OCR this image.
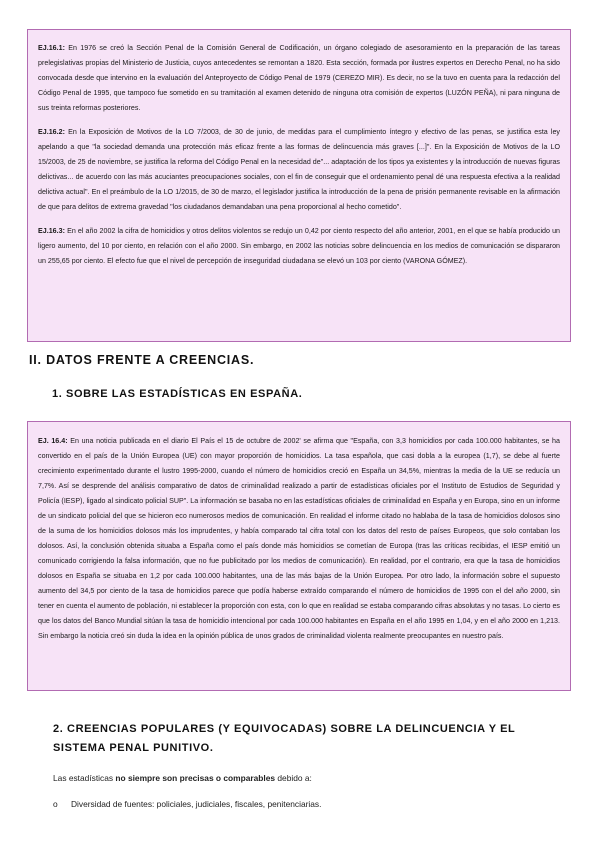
EJ.16.1: En 1976 se creó la Sección Penal de la Comisión General de Codificación, un órgano colegiado de asesoramiento en la preparación de las tareas prelegislativas propias del Ministerio de Justicia, cuyos antecedentes se remontan a 1820. Esta sección, formada por ilustres expertos en Derecho Penal, no ha sido convocada desde que intervino en la evaluación del Anteproyecto de Código Penal de 1979 (CEREZO MIR). Es decir, no se la tuvo en cuenta para la redacción del Código Penal de 1995, que tampoco fue sometido en su tramitación al examen detenido de ninguna otra comisión de expertos (LUZÓN PEÑA), ni para ninguna de sus treinta reformas posteriores.

EJ.16.2: En la Exposición de Motivos de la LO 7/2003, de 30 de junio, de medidas para el cumplimiento íntegro y efectivo de las penas, se justifica esta ley apelando a que "la sociedad demanda una protección más eficaz frente a las formas de delincuencia más graves [...]". En la Exposición de Motivos de la LO 15/2003, de 25 de noviembre, se justifica la reforma del Código Penal en la necesidad de"... adaptación de los tipos ya existentes y la introducción de nuevas figuras delictivas... de acuerdo con las más acuciantes preocupaciones sociales, con el fin de conseguir que el ordenamiento penal dé una respuesta efectiva a la realidad delictiva actual". En el preámbulo de la LO 1/2015, de 30 de marzo, el legislador justifica la introducción de la pena de prisión permanente revisable en la afirmación de que para delitos de extrema gravedad "los ciudadanos demandaban una pena proporcional al hecho cometido".

EJ.16.3: En el año 2002 la cifra de homicidios y otros delitos violentos se redujo un 0,42 por ciento respecto del año anterior, 2001, en el que se había producido un ligero aumento, del 10 por ciento, en relación con el año 2000. Sin embargo, en 2002 las noticias sobre delincuencia en los medios de comunicación se dispararon un 255,65 por ciento. El efecto fue que el nivel de percepción de inseguridad ciudadana se elevó un 103 por ciento (VARONA GÓMEZ).

II. DATOS FRENTE A CREENCIAS.
1. SOBRE LAS ESTADÍSTICAS EN ESPAÑA.

EJ. 16.4: En una noticia publicada en el diario El País el 15 de octubre de 2002' se afirma que "España, con 3,3 homicidios por cada 100.000 habitantes, se ha convertido en el país de la Unión Europea (UE) con mayor proporción de homicidios. La tasa española, que casi dobla a la europea (1,7), se debe al fuerte crecimiento experimentado durante el lustro 1995-2000, cuando el número de homicidios creció en España un 34,5%, mientras la media de la UE se reducía un 7,7%. Así se desprende del análisis comparativo de datos de criminalidad realizado a partir de estadísticas oficiales por el Instituto de Estudios de Seguridad y Policía (IESP), ligado al sindicato policial SUP". La información se basaba no en las estadísticas oficiales de criminalidad en España y en Europa, sino en un informe de un sindicato policial del que se hicieron eco numerosos medios de comunicación. En realidad el informe citado no hablaba de la tasa de homicidios dolosos sino de la suma de los homicidios dolosos más los imprudentes, y había comparado tal cifra total con los datos del resto de países Europeos, que solo contaban los dolosos. Así, la conclusión obtenida situaba a España como el país donde más homicidios se cometían de Europa (tras las críticas recibidas, el IESP emitió un comunicado corrigiendo la falsa información, que no fue publicitado por los medios de comunicación). En realidad, por el contrario, era que la tasa de homicidios dolosos en España se situaba en 1,2 por cada 100.000 habitantes, una de las más bajas de la Unión Europea. Por otro lado, la información sobre el supuesto aumento del 34,5 por ciento de la tasa de homicidios parece que podía haberse extraído comparando el número de homicidios de 1995 con el del año 2000, sin tener en cuenta el aumento de población, ni establecer la proporción con esta, con lo que en realidad se estaba comparando cifras absolutas y no tasas. Lo cierto es que los datos del Banco Mundial sitúan la tasa de homicidio intencional por cada 100.000 habitantes en España en el año 1995 en 1,04, y en el año 2000 en 1,213. Sin embargo la noticia creó sin duda la idea en la opinión pública de unos grados de criminalidad violenta realmente preocupantes en nuestro país.

2. CREENCIAS POPULARES (Y EQUIVOCADAS) SOBRE LA DELINCUENCIA Y EL SISTEMA PENAL PUNITIVO.
Las estadísticas no siempre son precisas o comparables debido a:
o Diversidad de fuentes: policiales, judiciales, fiscales, penitenciarias.
